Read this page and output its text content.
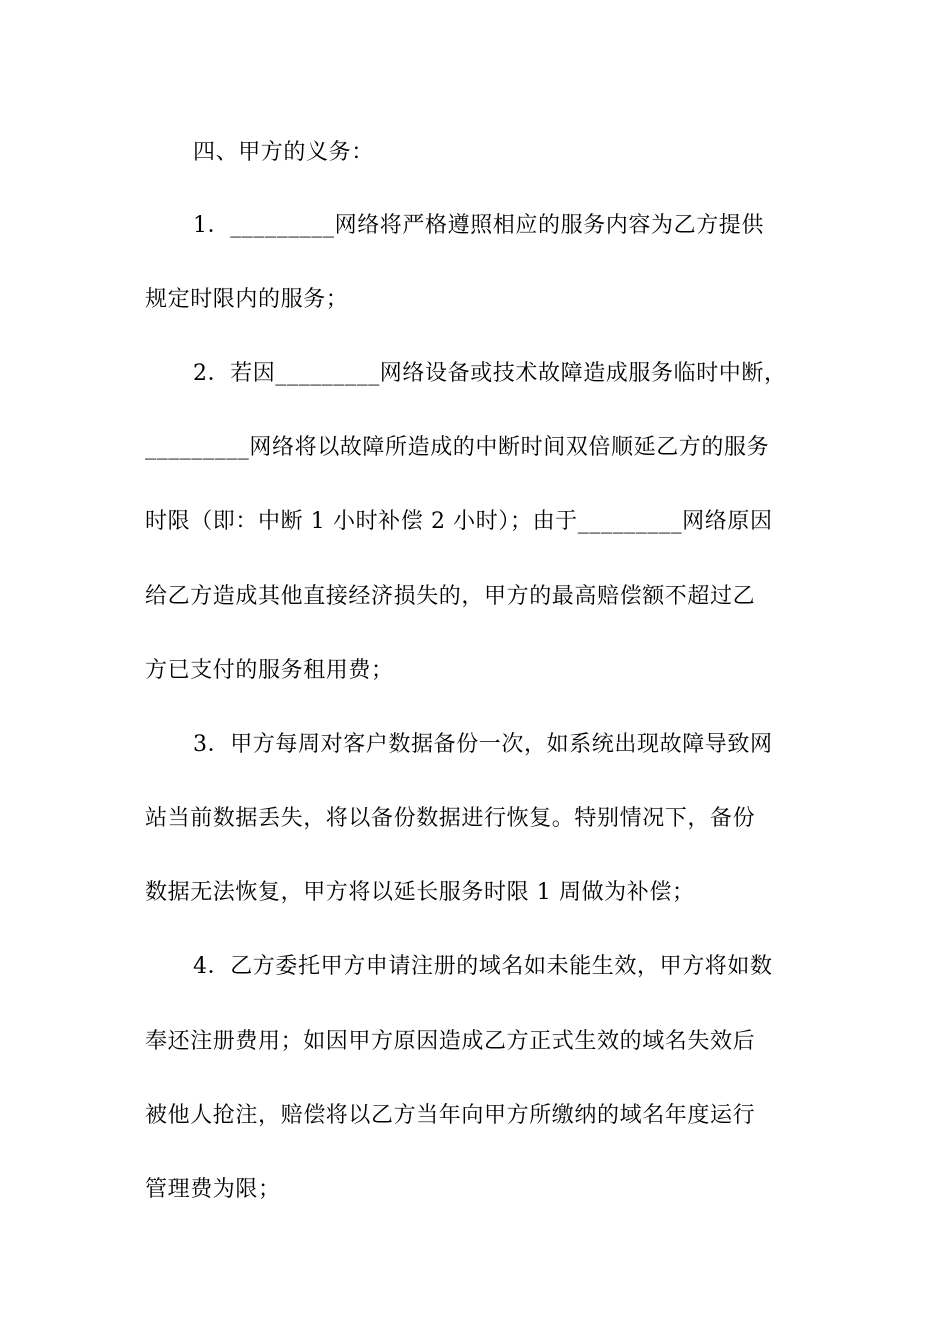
四、甲方的义务：
1．_________网络将严格遵照相应的服务内容为乙方提供
规定时限内的服务；
2．若因_________网络设备或技术故障造成服务临时中断，
_________网络将以故障所造成的中断时间双倍顺延乙方的服务
时限（即：中断 1 小时补偿 2 小时）；由于_________网络原因
给乙方造成其他直接经济损失的，甲方的最高赔偿额不超过乙
方已支付的服务租用费；
3．甲方每周对客户数据备份一次，如系统出现故障导致网
站当前数据丢失，将以备份数据进行恢复。特别情况下，备份
数据无法恢复，甲方将以延长服务时限 1 周做为补偿；
4．乙方委托甲方申请注册的域名如未能生效，甲方将如数
奉还注册费用；如因甲方原因造成乙方正式生效的域名失效后
被他人抢注，赔偿将以乙方当年向甲方所缴纳的域名年度运行
管理费为限；
